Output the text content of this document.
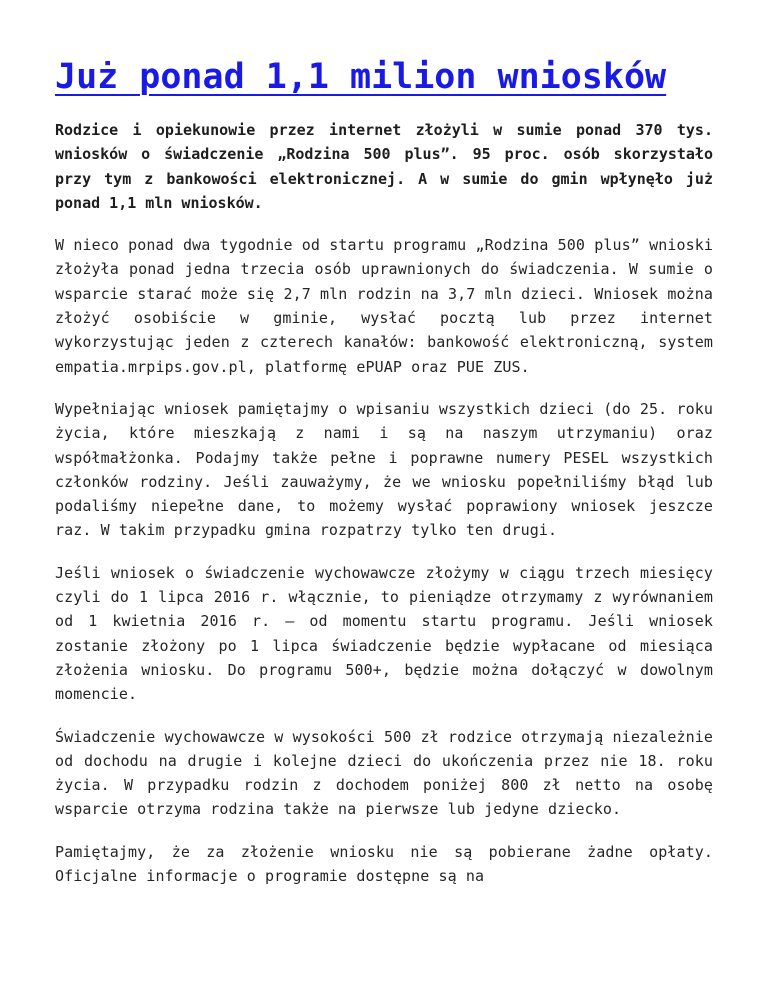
Już ponad 1,1 milion wniosków

Rodzice i opiekunowie przez internet złożyli w sumie ponad 370 tys. wniosków o świadczenie „Rodzina 500 plus”. 95 proc. osób skorzystało przy tym z bankowości elektronicznej. A w sumie do gmin wpłynęło już ponad 1,1 mln wniosków.

W nieco ponad dwa tygodnie od startu programu „Rodzina 500 plus” wnioski złożyła ponad jedna trzecia osób uprawnionych do świadczenia. W sumie o wsparcie starać może się 2,7 mln rodzin na 3,7 mln dzieci. Wniosek można złożyć osobiście w gminie, wysłać pocztą lub przez internet wykorzystując jeden z czterech kanałów: bankowość elektroniczną, system empatia.mrpips.gov.pl, platformę ePUAP oraz PUE ZUS.

Wypełniając wniosek pamiętajmy o wpisaniu wszystkich dzieci (do 25. roku życia, które mieszkają z nami i są na naszym utrzymaniu) oraz współmałżonka. Podajmy także pełne i poprawne numery PESEL wszystkich członków rodziny. Jeśli zauważymy, że we wniosku popełniliśmy błąd lub podaliśmy niepełne dane, to możemy wysłać poprawiony wniosek jeszcze raz. W takim przypadku gmina rozpatrzy tylko ten drugi.

Jeśli wniosek o świadczenie wychowawcze złożymy w ciągu trzech miesięcy czyli do 1 lipca 2016 r. włącznie, to pieniądze otrzymamy z wyrównaniem od 1 kwietnia 2016 r. – od momentu startu programu. Jeśli wniosek zostanie złożony po 1 lipca świadczenie będzie wypłacane od miesiąca złożenia wniosku. Do programu 500+, będzie można dołączyć w dowolnym momencie.

Świadczenie wychowawcze w wysokości 500 zł rodzice otrzymają niezależnie od dochodu na drugie i kolejne dzieci do ukończenia przez nie 18. roku życia. W przypadku rodzin z dochodem poniżej 800 zł netto na osobę wsparcie otrzyma rodzina także na pierwsze lub jedyne dziecko.

Pamiętajmy, że za złożenie wniosku nie są pobierane żadne opłaty. Oficjalne informacje o programie dostępne są na
